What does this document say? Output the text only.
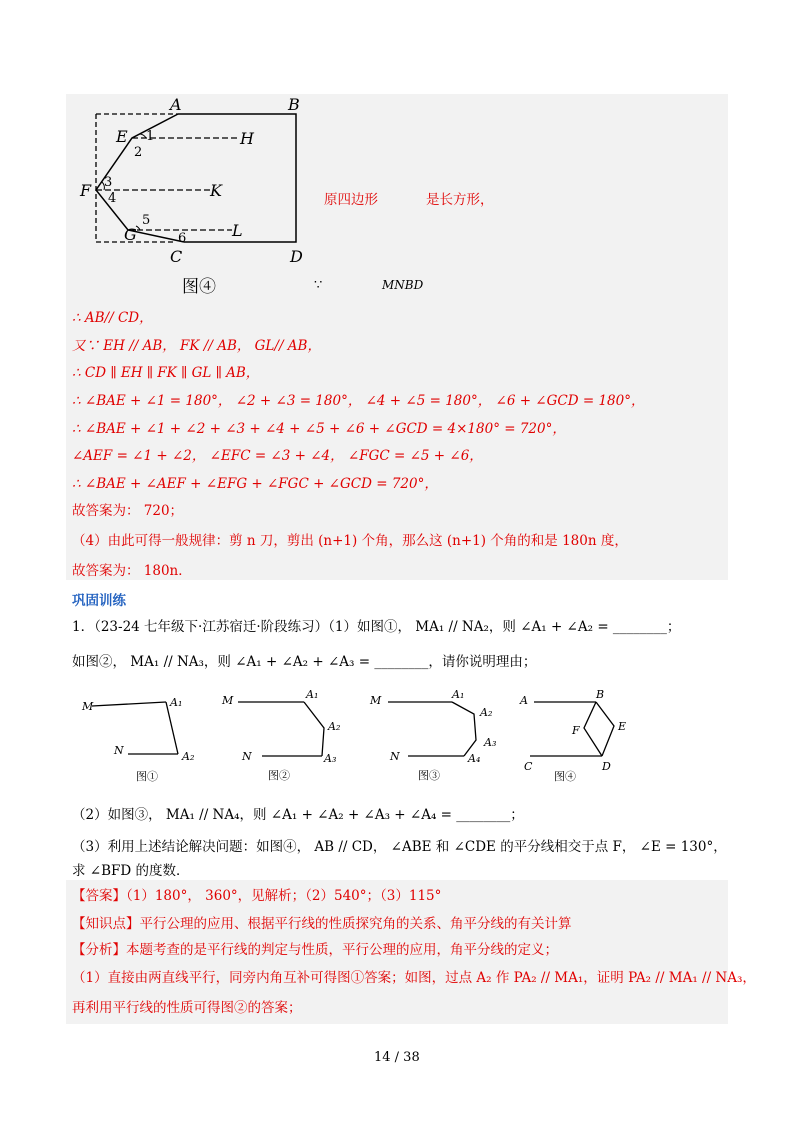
A	B
E 1
2
H
F 3
4	K
5
G	6	L
C	D
图④
原四边形	是长方形，
∵	MNBD
∴ AB// CD，
又∵ EH // AB， FK // AB， GL// AB，
∴ CD ∥ EH ∥ FK ∥ GL ∥ AB，
∴ ∠BAE + ∠1 = 180°， ∠2 + ∠3 = 180°， ∠4 + ∠5 = 180°， ∠6 + ∠GCD = 180°，
∴ ∠BAE + ∠1 + ∠2 + ∠3 + ∠4 + ∠5 + ∠6 + ∠GCD = 4×180° = 720°，
∠AEF = ∠1 + ∠2， ∠EFC = ∠3 + ∠4， ∠FGC = ∠5 + ∠6，
∴ ∠BAE + ∠AEF + ∠EFG + ∠FGC + ∠GCD = 720°，
故答案为： 720；
（4）由此可得一般规律：剪 n 刀，剪出 (n+1) 个角，那么这 (n+1) 个角的和是 180n 度，
故答案为： 180n．
巩固训练
1．（23-24 七年级下·江苏宿迁·阶段练习）（1）如图①， MA₁ // NA₂，则 ∠A₁ + ∠A₂ = ________；
如图②， MA₁ // NA₃，则 ∠A₁ + ∠A₂ + ∠A₃ = ________，请你说明理由；
M	A₁
N	A₂
图①
M	A₁
A₂
N	A₃
图②
M	A₁
A₂
A₃
N	A₄
图③
A	B
F	E
C	D
图④
（2）如图③， MA₁ // NA₄，则 ∠A₁ + ∠A₂ + ∠A₃ + ∠A₄ = ________；
（3）利用上述结论解决问题：如图④， AB // CD， ∠ABE 和 ∠CDE 的平分线相交于点 F， ∠E = 130°，
求 ∠BFD 的度数．
【答案】（1）180°， 360°，见解析；（2）540°；（3）115°
【知识点】平行公理的应用、根据平行线的性质探究角的关系、角平分线的有关计算
【分析】本题考查的是平行线的判定与性质，平行公理的应用，角平分线的定义；
（1）直接由两直线平行，同旁内角互补可得图①答案；如图，过点 A₂ 作 PA₂ // MA₁，证明 PA₂ // MA₁ // NA₃，
再利用平行线的性质可得图②的答案；
14 / 38
